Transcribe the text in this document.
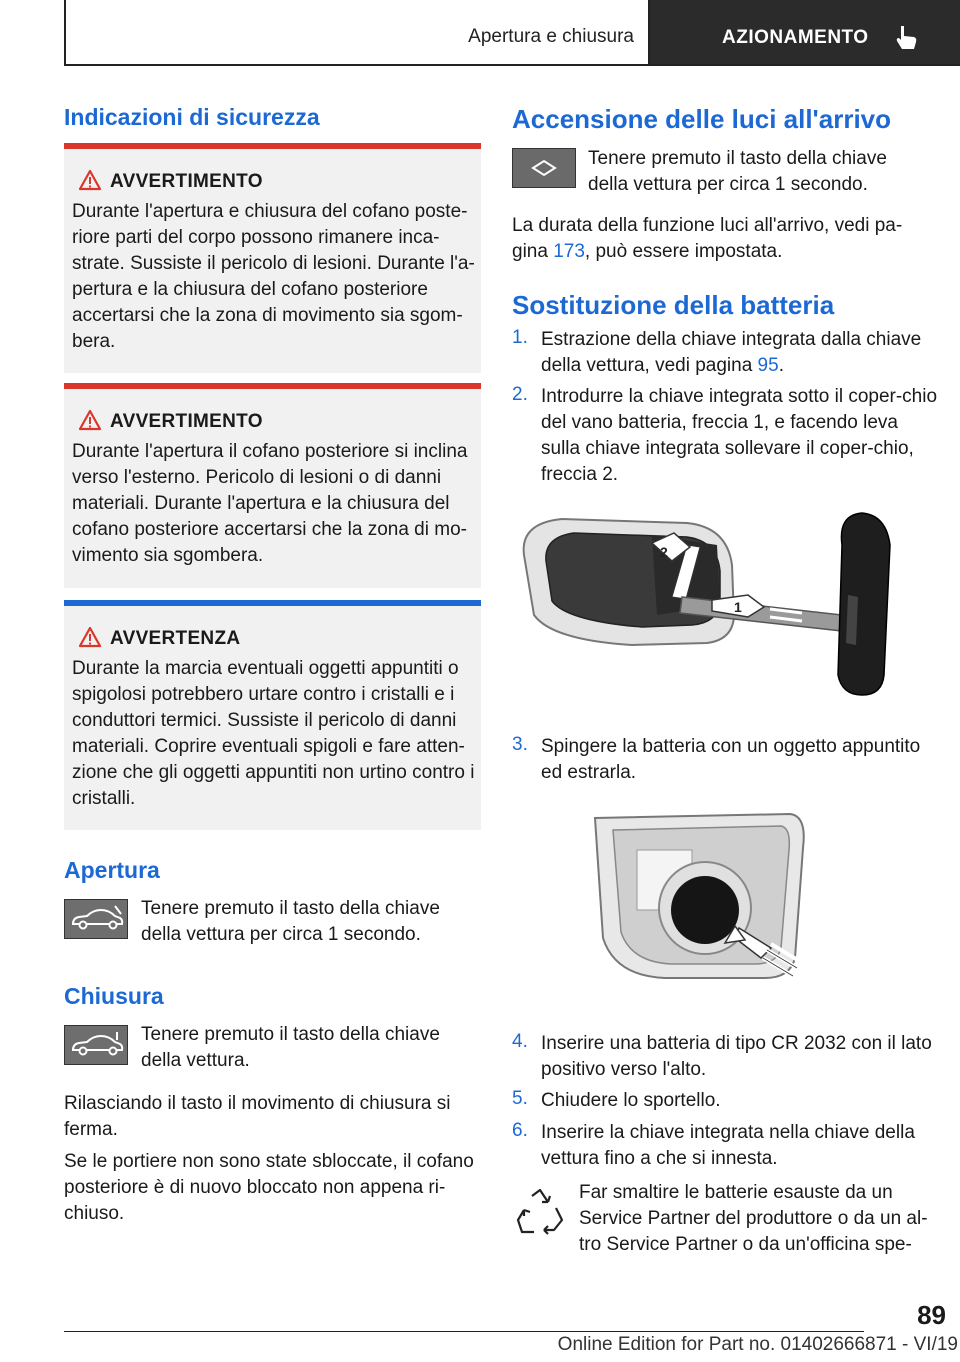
Apertura e chiusura	AZIONAMENTO
Indicazioni di sicurezza
AVVERTIMENTO
Durante l'apertura e chiusura del cofano poste-riore parti del corpo possono rimanere inca-strate. Sussiste il pericolo di lesioni. Durante l'a-pertura e la chiusura del cofano posteriore accertarsi che la zona di movimento sia sgom-bera.
AVVERTIMENTO
Durante l'apertura il cofano posteriore si inclina verso l'esterno. Pericolo di lesioni o di danni materiali. Durante l'apertura e la chiusura del cofano posteriore accertarsi che la zona di mo-vimento sia sgombera.
AVVERTENZA
Durante la marcia eventuali oggetti appuntiti o spigolosi potrebbero urtare contro i cristalli e i conduttori termici. Sussiste il pericolo di danni materiali. Coprire eventuali spigoli e fare atten-zione che gli oggetti appuntiti non urtino contro i cristalli.
Apertura
Tenere premuto il tasto della chiave della vettura per circa 1 secondo.
Chiusura
Tenere premuto il tasto della chiave della vettura.
Rilasciando il tasto il movimento di chiusura si ferma.
Se le portiere non sono state sbloccate, il cofano posteriore è di nuovo bloccato non appena ri-chiuso.
Accensione delle luci all'arrivo
Tenere premuto il tasto della chiave della vettura per circa 1 secondo.
La durata della funzione luci all'arrivo, vedi pa-gina 173, può essere impostata.
Sostituzione della batteria
1. Estrazione della chiave integrata dalla chiave della vettura, vedi pagina 95.
2. Introdurre la chiave integrata sotto il coper-chio del vano batteria, freccia 1, e facendo leva sulla chiave integrata sollevare il coper-chio, freccia 2.
2
1
3. Spingere la batteria con un oggetto appuntito ed estrarla.
4. Inserire una batteria di tipo CR 2032 con il lato positivo verso l'alto.
5. Chiudere lo sportello.
6. Inserire la chiave integrata nella chiave della vettura fino a che si innesta.
Far smaltire le batterie esauste da un Service Partner del produttore o da un al-tro Service Partner o da un'officina spe-
89
Online Edition for Part no. 01402666871 - VI/19
